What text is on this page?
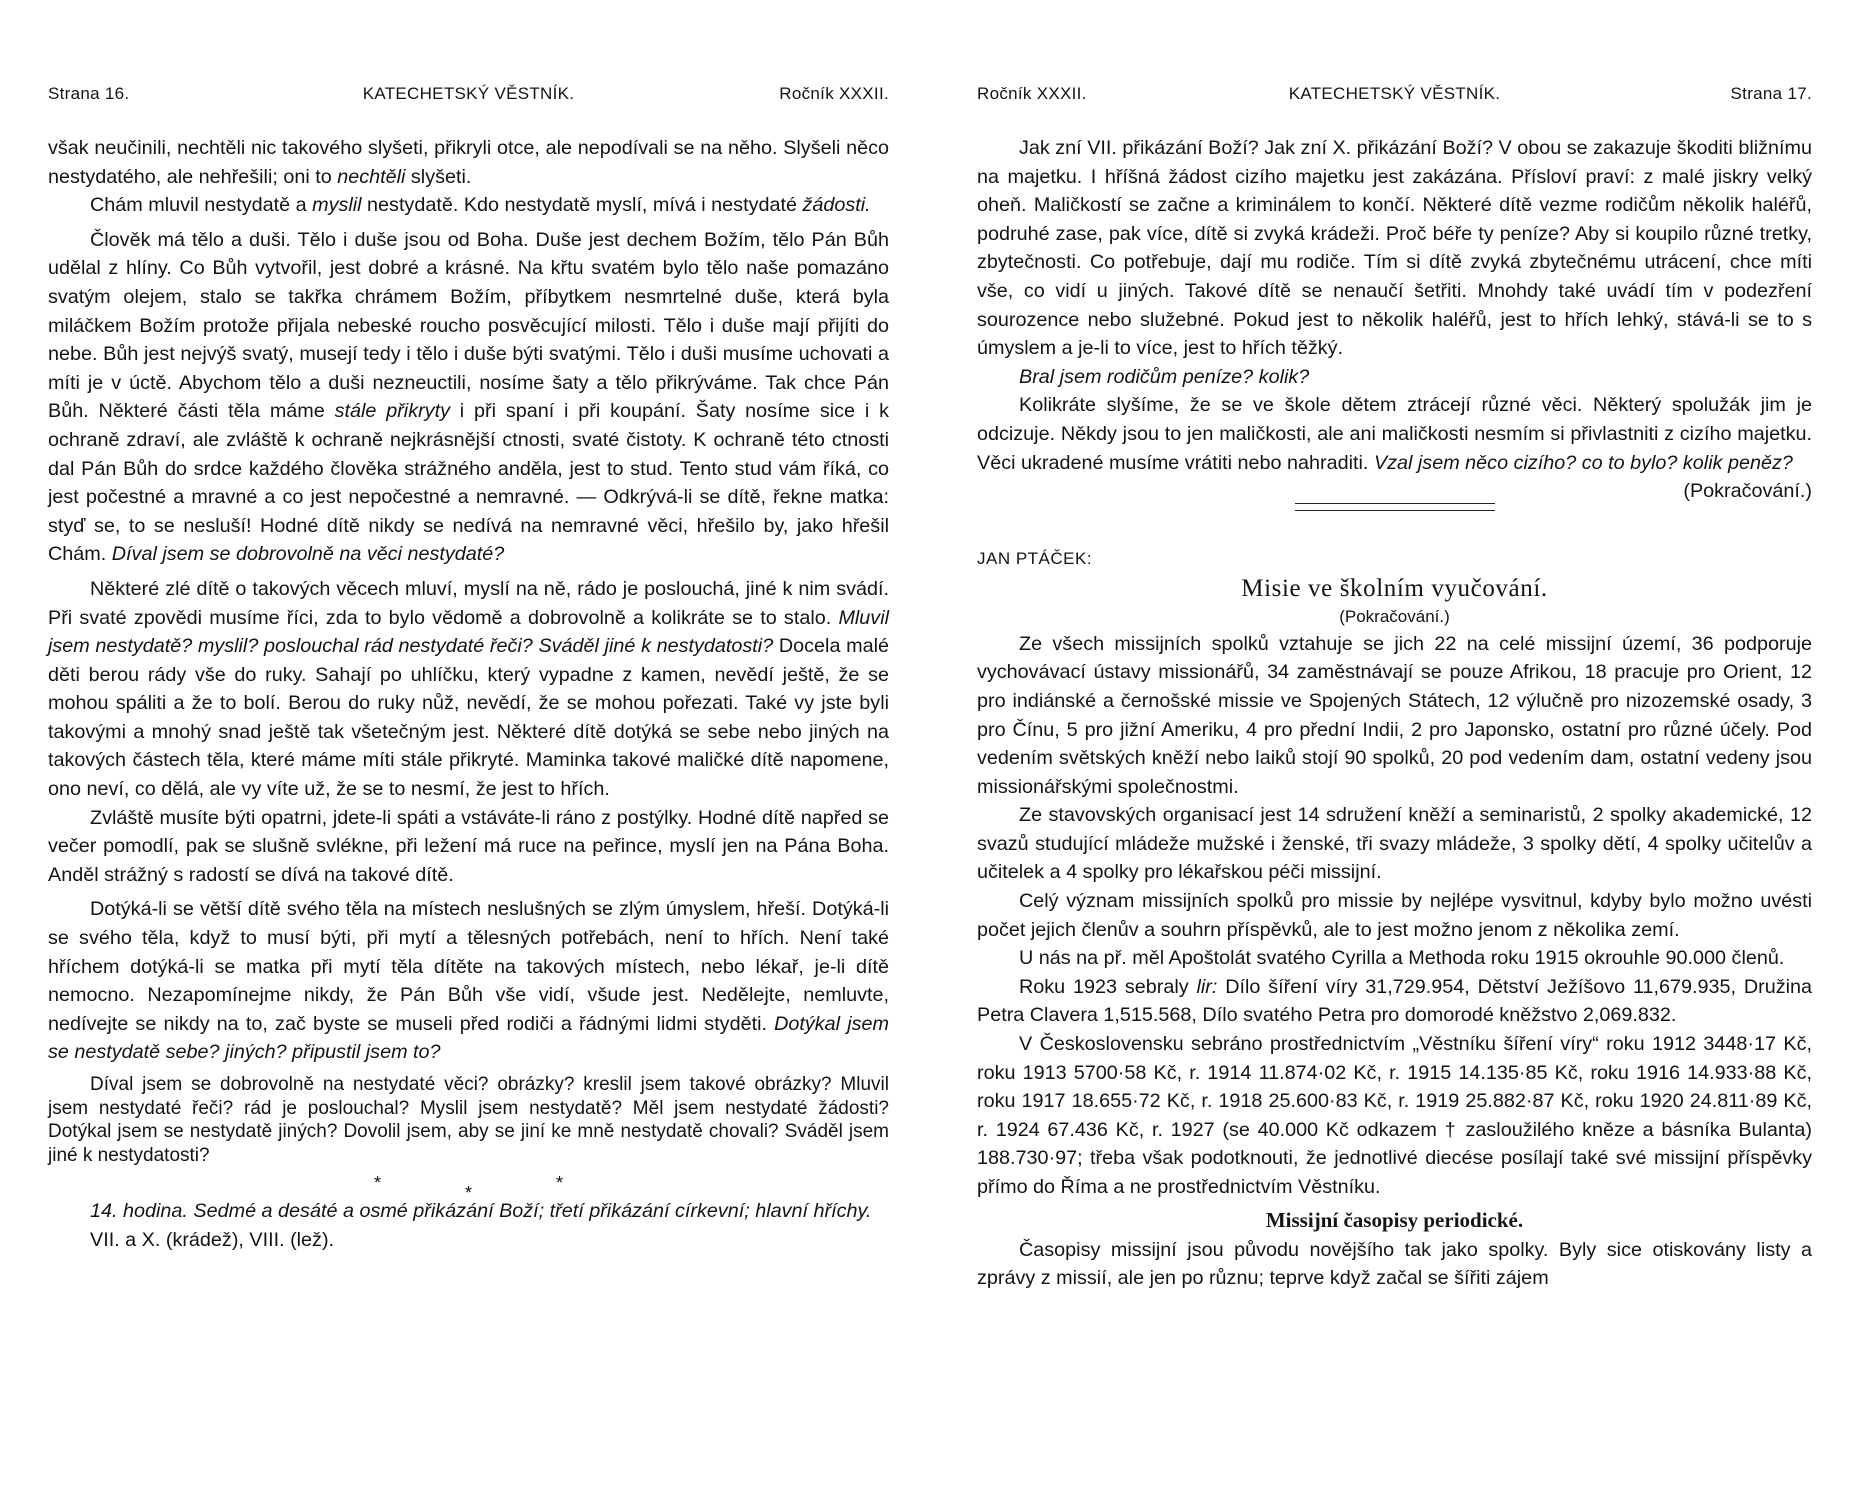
Strana 16.	KATECHETSKÝ VĚSTNÍK.	Ročník XXXII.

však neučinili, nechtěli nic takového slyšeti, přikryli otce, ale nepodívali se na něho. Slyšeli něco nestydatého, ale nehřešili; oni to nechtěli slyšeti.

Chám mluvil nestydatě a myslil nestydatě. Kdo nestydatě myslí, mívá i nestydaté žádosti.

Člověk má tělo a duši. Tělo i duše jsou od Boha. Duše jest dechem Božím, tělo Pán Bůh udělal z hlíny. Co Bůh vytvořil, jest dobré a krásné. Na křtu svatém bylo tělo naše pomazáno svatým olejem, stalo se takřka chrámem Božím, příbytkem nesmrtelné duše, která byla miláčkem Božím protože přijala nebeské roucho posvěcující milosti. Tělo i duše mají přijíti do nebe. Bůh jest nejvýš svatý, musejí tedy i tělo i duše býti svatými. Tělo i duši musíme uchovati a míti je v úctě. Abychom tělo a duši nezneuctili, nosíme šaty a tělo přikrýváme. Tak chce Pán Bůh. Některé části těla máme stále přikryty i při spaní i při koupání. Šaty nosíme sice i k ochraně zdraví, ale zvláště k ochraně nejkrásnější ctnosti, svaté čistoty. K ochraně této ctnosti dal Pán Bůh do srdce každého člověka strážného anděla, jest to stud. Tento stud vám říká, co jest počestné a mravné a co jest nepočestné a nemravné. — Odkrývá-li se dítě, řekne matka: styď se, to se nesluší! Hodné dítě nikdy se nedívá na nemravné věci, hřešilo by, jako hřešil Chám. Díval jsem se dobrovolně na věci nestydaté?

Některé zlé dítě o takových věcech mluví, myslí na ně, rádo je poslouchá, jiné k nim svádí. Při svaté zpovědi musíme říci, zda to bylo vědomě a dobrovolně a kolikráte se to stalo. Mluvil jsem nestydatě? myslil? poslouchal rád nestydaté řeči? Sváděl jiné k nestydatosti? Docela malé děti berou rády vše do ruky. Sahají po uhlíčku, který vypadne z kamen, nevědí ještě, že se mohou spáliti a že to bolí. Berou do ruky nůž, nevědí, že se mohou pořezati. Také vy jste byli takovými a mnohý snad ještě tak všetečným jest. Některé dítě dotýká se sebe nebo jiných na takových částech těla, které máme míti stále přikryté. Maminka takové maličké dítě napomene, ono neví, co dělá, ale vy víte už, že se to nesmí, že jest to hřích.

Zvláště musíte býti opatrni, jdete-li spáti a vstáváte-li ráno z postýlky. Hodné dítě napřed se večer pomodlí, pak se slušně svlékne, při ležení má ruce na peřince, myslí jen na Pána Boha. Anděl strážný s radostí se dívá na takové dítě.

Dotýká-li se větší dítě svého těla na místech neslušných se zlým úmyslem, hřeší. Dotýká-li se svého těla, když to musí býti, při mytí a tělesných potřebách, není to hřích. Není také hříchem dotýká-li se matka při mytí těla dítěte na takových místech, nebo lékař, je-li dítě nemocno. Nezapomínejme nikdy, že Pán Bůh vše vidí, všude jest. Nedělejte, nemluvte, nedívejte se nikdy na to, zač byste se museli před rodiči a řádnými lidmi styděti. Dotýkal jsem se nestydatě sebe? jiných? připustil jsem to?

Díval jsem se dobrovolně na nestydaté věci? obrázky? kreslil jsem takové obrázky? Mluvil jsem nestydaté řeči? rád je poslouchal? Myslil jsem nestydatě? Měl jsem nestydaté žádosti? Dotýkal jsem se nestydatě jiných? Dovolil jsem, aby se jiní ke mně nestydatě chovali? Sváděl jsem jiné k nestydatosti?

*	*	*

14. hodina. Sedmé a desáté a osmé přikázání Boží; třetí přikázání církevní; hlavní hříchy.

VII. a X. (krádež), VIII. (lež).

Ročník XXXII.	KATECHETSKÝ VĚSTNÍK.	Strana 17.

Jak zní VII. přikázání Boží? Jak zní X. přikázání Boží? V obou se zakazuje škoditi bližnímu na majetku. I hříšná žádost cizího majetku jest zakázána. Přísloví praví: z malé jiskry velký oheň. Maličkostí se začne a kriminálem to končí. Některé dítě vezme rodičům několik haléřů, podruhé zase, pak více, dítě si zvyká krádeži. Proč béře ty peníze? Aby si koupilo různé tretky, zbytečnosti. Co potřebuje, dají mu rodiče. Tím si dítě zvyká zbytečnému utrácení, chce míti vše, co vidí u jiných. Takové dítě se nenaučí šetřiti. Mnohdy také uvádí tím v podezření sourozence nebo služebné. Pokud jest to několik haléřů, jest to hřích lehký, stává-li se to s úmyslem a je-li to více, jest to hřích těžký.

Bral jsem rodičům peníze? kolik?

Kolikráte slyšíme, že se ve škole dětem ztrácejí různé věci. Některý spolužák jim je odcizuje. Někdy jsou to jen maličkosti, ale ani maličkosti nesmím si přivlastniti z cizího majetku. Věci ukradené musíme vrátiti nebo nahraditi. Vzal jsem něco cizího? co to bylo? kolik peněz?
(Pokračování.)

JAN PTÁČEK:
Misie ve školním vyučování.
(Pokračování.)

Ze všech missijních spolků vztahuje se jich 22 na celé missijní území, 36 podporuje vychovávací ústavy missionářů, 34 zaměstnávají se pouze Afrikou, 18 pracuje pro Orient, 12 pro indiánské a černošské missie ve Spojených Státech, 12 výlučně pro nizozemské osady, 3 pro Čínu, 5 pro jižní Ameriku, 4 pro přední Indii, 2 pro Japonsko, ostatní pro různé účely. Pod vedením světských kněží nebo laiků stojí 90 spolků, 20 pod vedením dam, ostatní vedeny jsou missionářskými společnostmi.

Ze stavovských organisací jest 14 sdružení kněží a seminaristů, 2 spolky akademické, 12 svazů studující mládeže mužské i ženské, tři svazy mládeže, 3 spolky dětí, 4 spolky učitelův a učitelek a 4 spolky pro lékařskou péči missijní.

Celý význam missijních spolků pro missie by nejlépe vysvitnul, kdyby bylo možno uvésti počet jejich členův a souhrn příspěvků, ale to jest možno jenom z několika zemí.

U nás na př. měl Apoštolát svatého Cyrilla a Methoda roku 1915 okrouhle 90.000 členů.

Roku 1923 sebraly lir: Dílo šíření víry 31,729.954, Dětství Ježíšovo 11,679.935, Družina Petra Clavera 1,515.568, Dílo svatého Petra pro domorodé kněžstvo 2,069.832.

V Československu sebráno prostřednictvím „Věstníku šíření víry“ roku 1912 3448·17 Kč, roku 1913 5700·58 Kč, r. 1914 11.874·02 Kč, r. 1915 14.135·85 Kč, roku 1916 14.933·88 Kč, roku 1917 18.655·72 Kč, r. 1918 25.600·83 Kč, r. 1919 25.882·87 Kč, roku 1920 24.811·89 Kč, r. 1924 67.436 Kč, r. 1927 (se 40.000 Kč odkazem † zasloužilého kněze a básníka Bulanta) 188.730·97; třeba však podotknouti, že jednotlivé diecése posílají také své missijní příspěvky přímo do Říma a ne prostřednictvím Věstníku.

Missijní časopisy periodické.

Časopisy missijní jsou původu novějšího tak jako spolky. Byly sice otiskovány listy a zprávy z missií, ale jen po různu; teprve když začal se šířiti zájem
